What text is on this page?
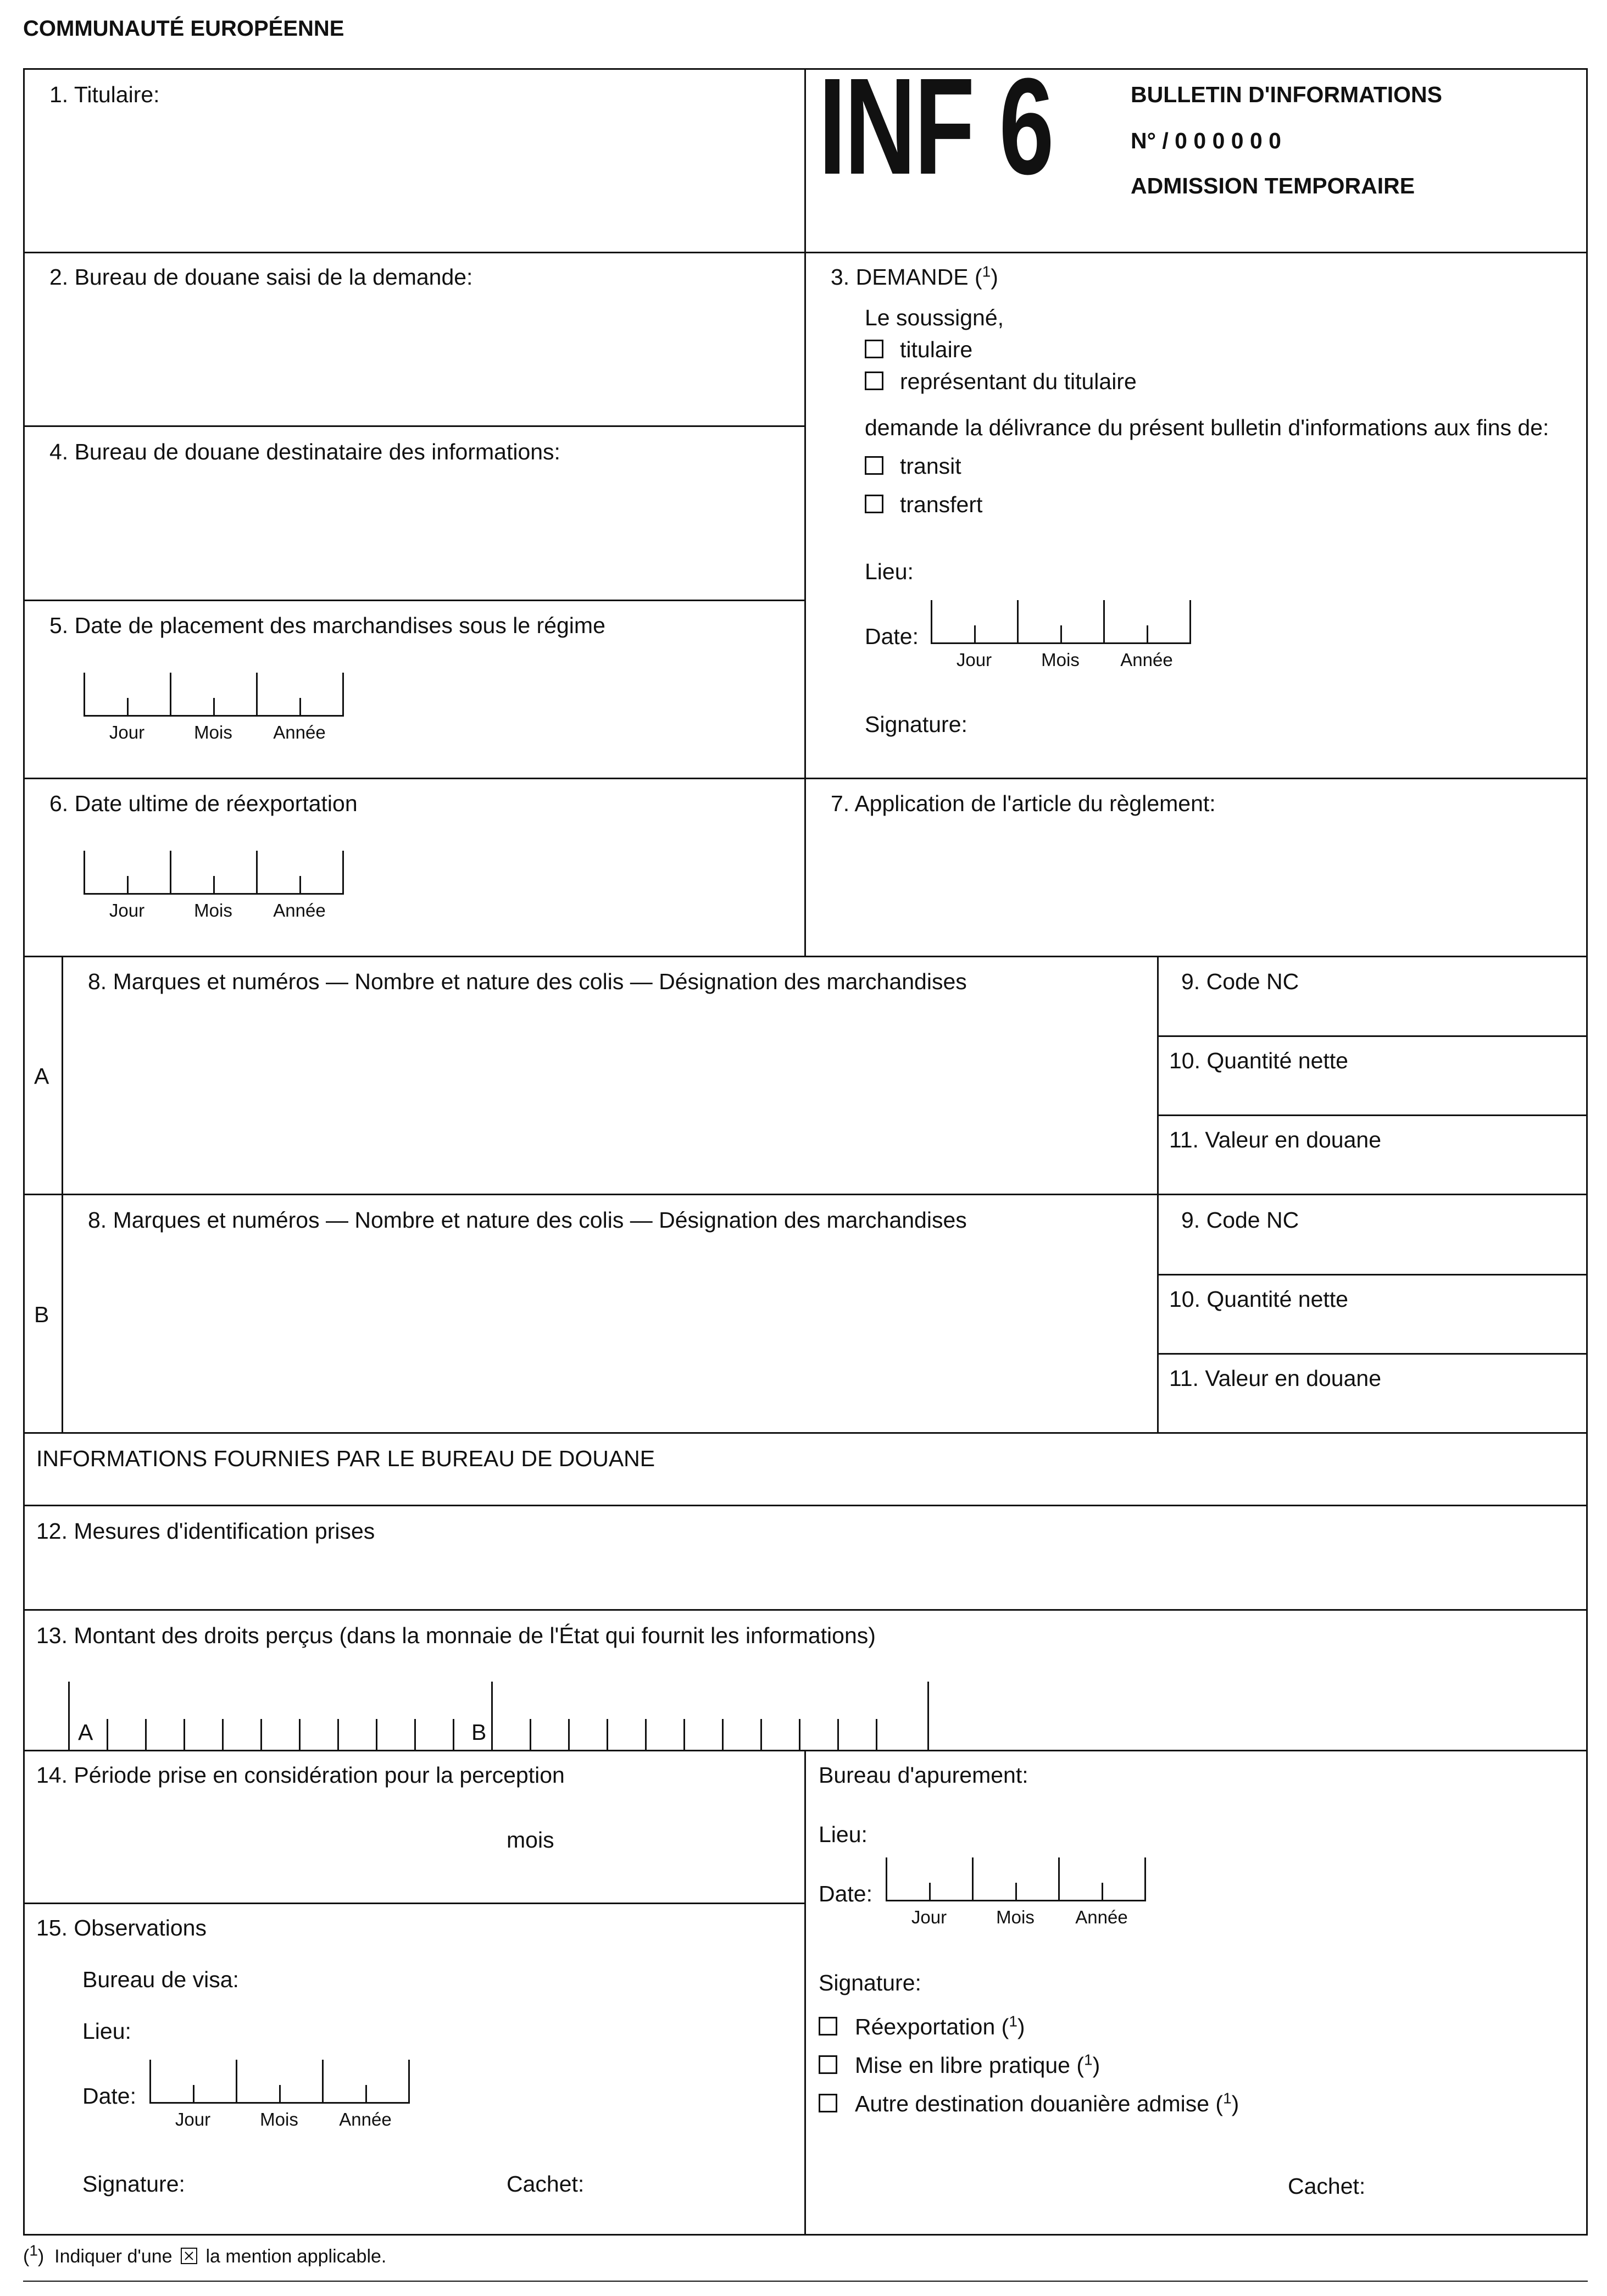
COMMUNAUTÉ EUROPÉENNE
1. Titulaire:	INF 6	BULLETIN D'INFORMATIONS
N° / 0 0 0 0 0 0
ADMISSION TEMPORAIRE
2. Bureau de douane saisi de la demande:	3. DEMANDE ($^1$)
Le soussigné,
titulaire
représentant du titulaire
demande la délivrance du présent bulletin d'informations aux fins de:
transit
transfert
Lieu:
Date:
Jour	Mois Année
Signature:
4. Bureau de douane destinataire des informations:
5. Date de placement des marchandises sous le régime
Jour	Mois Année
6. Date ultime de réexportation
Jour	Mois Année
7. Application de l'article du règlement:
A
8. Marques et numéros — Nombre et nature des colis — Désignation des marchandises	9. Code NC
10. Quantité nette
11. Valeur en douane
B
8. Marques et numéros — Nombre et nature des colis — Désignation des marchandises	9. Code NC
10. Quantité nette
11. Valeur en douane
INFORMATIONS FOURNIES PAR LE BUREAU DE DOUANE
12. Mesures d'identification prises
13. Montant des droits perçus (dans la monnaie de l'État qui fournit les informations)
A	B
14. Période prise en considération pour la perception
mois
15. Observations
Bureau de visa:
Lieu:
Date:
Jour	Mois Année
Signature:	Cachet:
Bureau d'apurement:
Lieu:
Date:
Jour	Mois Année
Signature:
Réexportation ($^1$)
Mise en libre pratique ($^1$)
Autre destination douanière admise ($^1$)
Cachet:
($^1$)  Indiquer d'une ☒ la mention applicable.
